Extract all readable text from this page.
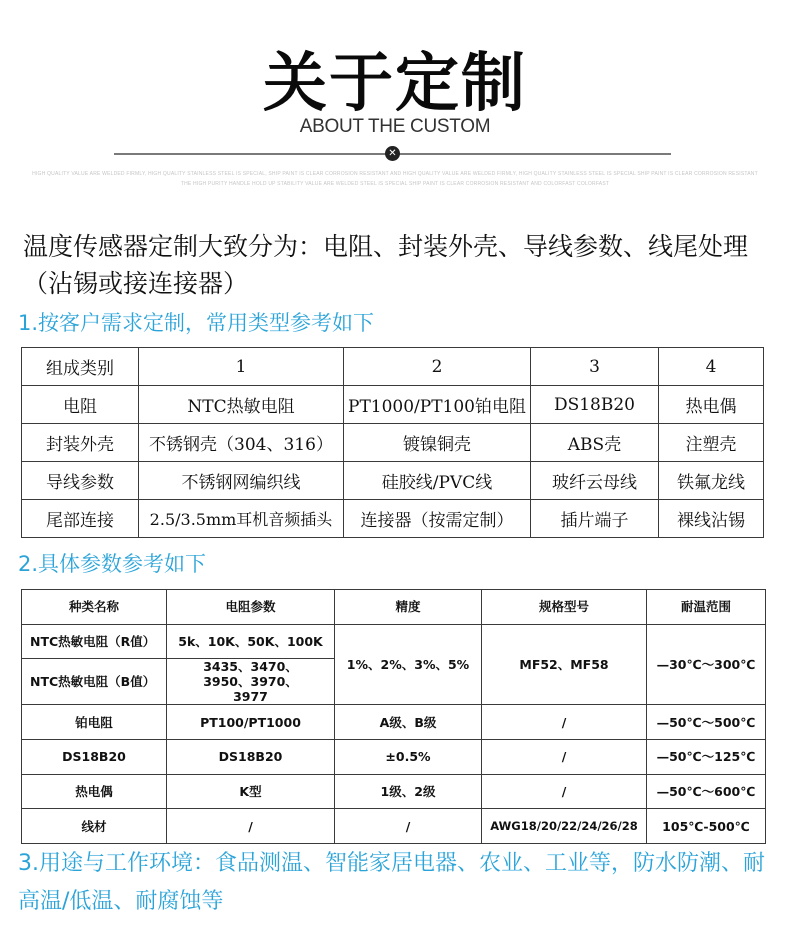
关于定制
ABOUT THE CUSTOM
✕
HIGH QUALITY VALUE ARE WELDED FIRMLY, HIGH QUALITY STAINLESS STEEL IS SPECIAL, SHIP PAINT IS CLEAR CORROSION RESISTANT AND HIGH QUALITY VALUE ARE WELDED FIRMLY, HIGH QUALITY STAINLESS STEEL IS SPECIAL SHIP PAINT IS CLEAR CORROSION RESISTANT
THE HIGH PURITY HANDLE HOLD UP STABILITY VALUE ARE WELDED STEEL IS SPECIAL SHIP PAINT IS CLEAR CORROSION RESISTANT AND COLORFAST COLORFAST
温度传感器定制大致分为：电阻、封装外壳、导线参数、线尾处理（沾锡或接连接器）
1.按客户需求定制，常用类型参考如下
组成类别	1	2	3	4
电阻	NTC热敏电阻	PT1000/PT100铂电阻	DS18B20	热电偶
封装外壳	不锈钢壳（304、316）	镀镍铜壳	ABS壳	注塑壳
导线参数	不锈钢网编织线	硅胶线/PVC线	玻纤云母线	铁氟龙线
尾部连接	2.5/3.5mm耳机音频插头	连接器（按需定制）	插片端子	裸线沾锡
2.具体参数参考如下
种类名称	电阻参数	精度	规格型号	耐温范围
NTC热敏电阻（R值）	5k、10K、50K、100K	1%、2%、3%、5%	MF52、MF58	—30℃～300℃
NTC热敏电阻（B值）	3435、3470、3950、3970、3977			
铂电阻	PT100/PT1000	A级、B级	/	—50℃～500℃
DS18B20	DS18B20	±0.5%	/	—50℃～125℃
热电偶	K型	1级、2级	/	—50℃～600℃
线材	/	/	AWG18/20/22/24/26/28	105℃-500℃
3.用途与工作环境：食品测温、智能家居电器、农业、工业等，防水防潮、耐高温/低温、耐腐蚀等
